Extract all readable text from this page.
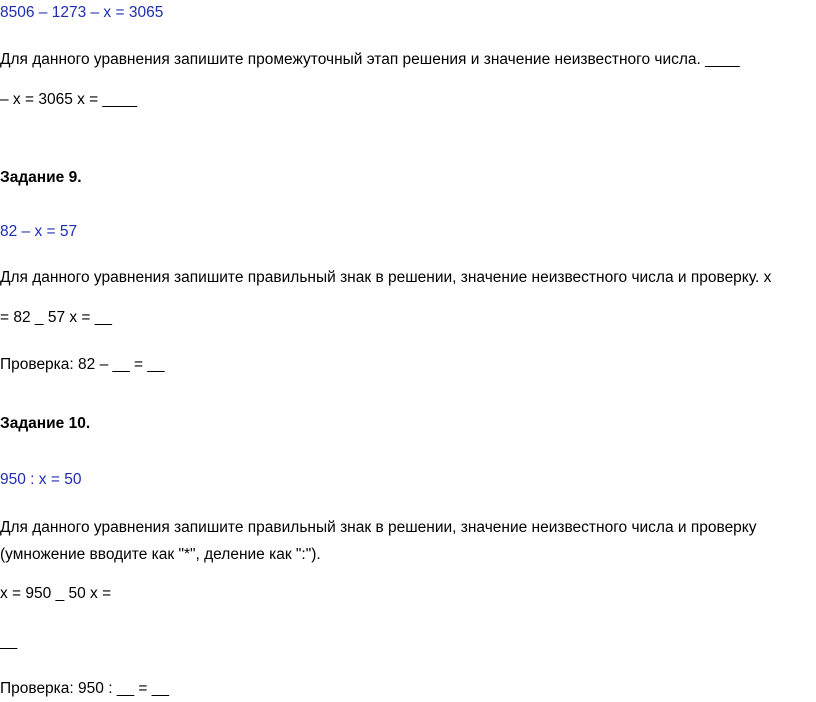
8506 – 1273 – x = 3065
Для данного уравнения запишите промежуточный этап решения и значение неизвестного числа. ____
– x = 3065 x = ____
Задание 9.
82 – x = 57
Для данного уравнения запишите правильный знак в решении, значение неизвестного числа и проверку. x
= 82 _ 57 x = __
Проверка: 82 – __ = __
Задание 10.
950 : x = 50
Для данного уравнения запишите правильный знак в решении, значение неизвестного числа и проверку
(умножение вводите как "*", деление как ":").
x = 950 _ 50 x =
__
Проверка: 950 : __ = __
